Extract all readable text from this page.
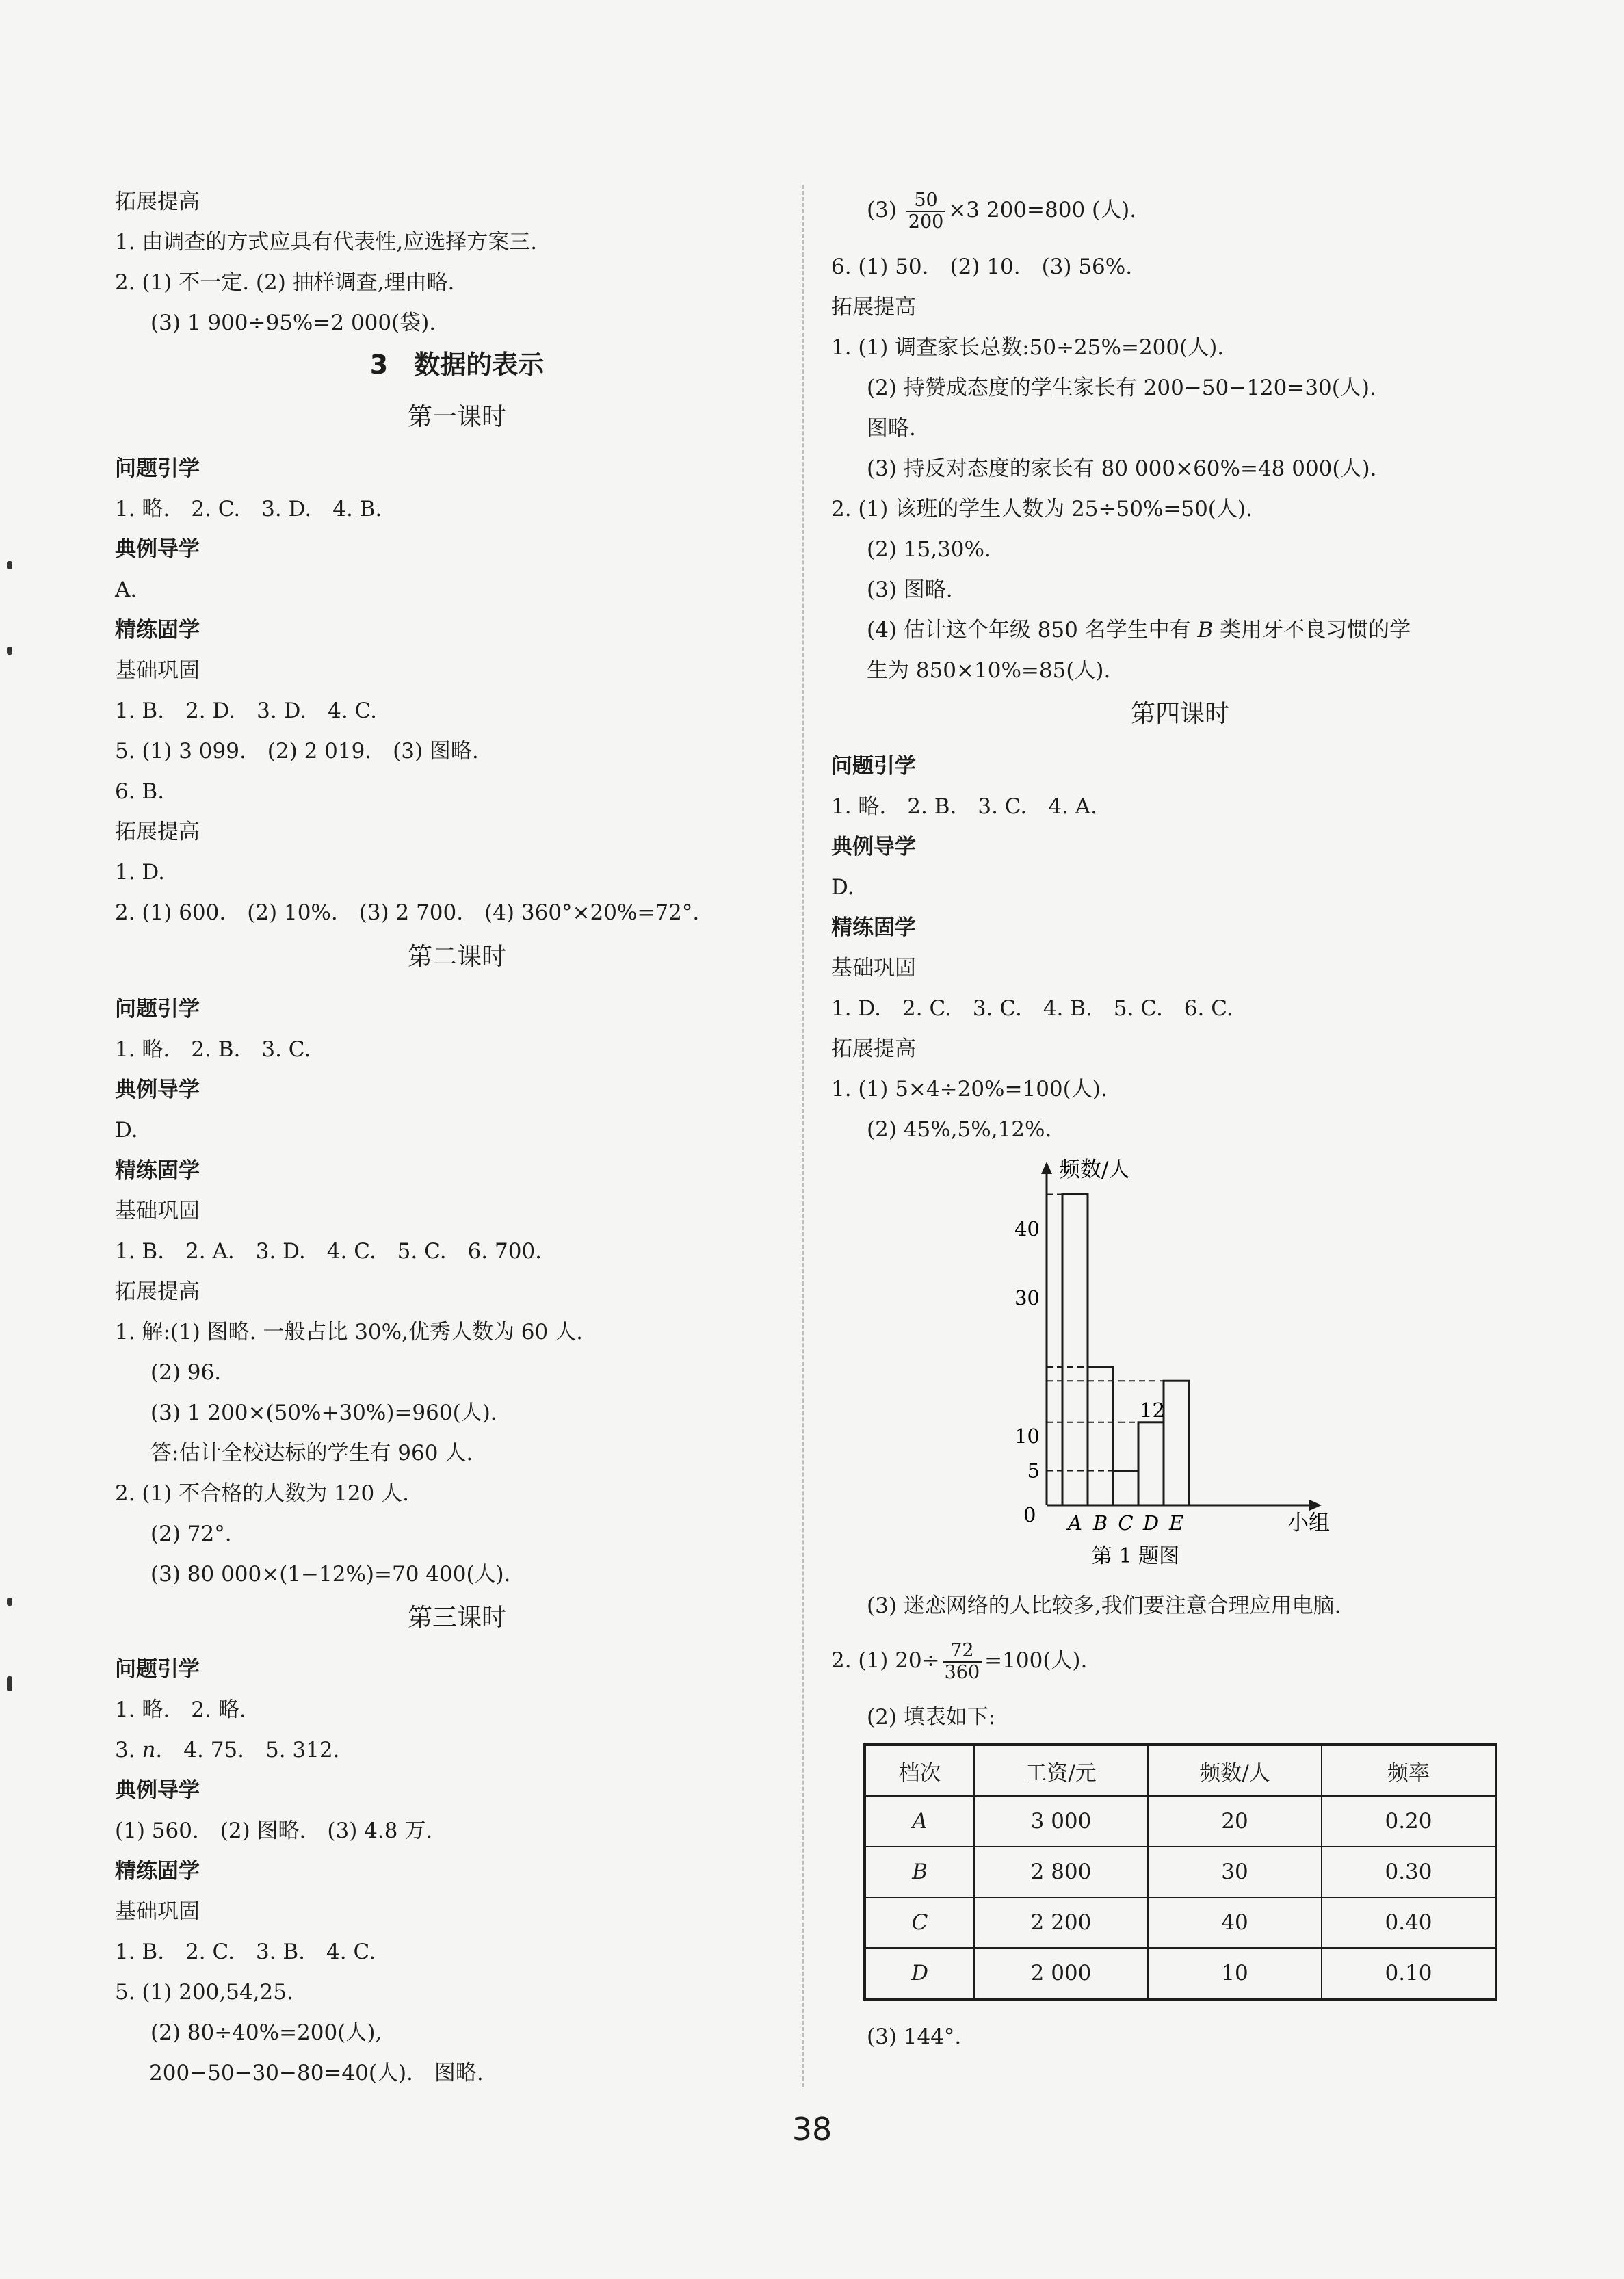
拓展提高
1. 由调查的方式应具有代表性,应选择方案三.
2. (1) 不一定. (2) 抽样调查,理由略.
(3) 1 900÷95%=2 000(袋).
3　数据的表示
第一课时
问题引学
1. 略.　2. C.　3. D.　4. B.
典例导学
A.
精练固学
基础巩固
1. B.　2. D.　3. D.　4. C.
5. (1) 3 099.　(2) 2 019.　(3) 图略.
6. B.
拓展提高
1. D.
2. (1) 600.　(2) 10%.　(3) 2 700.　(4) 360°×20%=72°.
第二课时
问题引学
1. 略.　2. B.　3. C.
典例导学
D.
精练固学
基础巩固
1. B.　2. A.　3. D.　4. C.　5. C.　6. 700.
拓展提高
1. 解:(1) 图略. 一般占比 30%,优秀人数为 60 人.
(2) 96.
(3) 1 200×(50%+30%)=960(人).
答:估计全校达标的学生有 960 人.
2. (1) 不合格的人数为 120 人.
(2) 72°.
(3) 80 000×(1−12%)=70 400(人).
第三课时
问题引学
1. 略.　2. 略.
3. n.　4. 75.　5. 312.
典例导学
(1) 560.　(2) 图略.　(3) 4.8 万.
精练固学
基础巩固
1. B.　2. C.　3. B.　4. C.
5. (1) 200,54,25.
(2) 80÷40%=200(人),
200−50−30−80=40(人).　图略.
$(3) \frac{50}{200} \times 3$ 200=800 (人).
6. (1) 50.　(2) 10.　(3) 56%.
拓展提高
1. (1) 调查家长总数:50÷25%=200(人).
(2) 持赞成态度的学生家长有 200−50−120=30(人).
图略.
(3) 持反对态度的家长有 80 000×60%=48 000(人).
2. (1) 该班的学生人数为 25÷50%=50(人).
(2) 15,30%.
(3) 图略.
(4) 估计这个年级 850 名学生中有 B 类用牙不良习惯的学
生为 850×10%=85(人).
第四课时
问题引学
1. 略.　2. B.　3. C.　4. A.
典例导学
D.
精练固学
基础巩固
1. D.　2. C.　3. C.　4. B.　5. C.　6. C.
拓展提高
1. (1) 5×4÷20%=100(人).
(2) 45%,5%,12%.
(3) 迷恋网络的人比较多,我们要注意合理应用电脑.
2. (1) $20\div \frac{72}{360} =100$(人).
(2) 填表如下:
(3) 144°.
频数/人
小组
0
5
10
30
40
A B C D E
12
第 1 题图
档次	工资/元	频数/人	频率
A	3 000	20	0.20
B	2 800	30	0.30
C	2 200	40	0.40
D	2 000	10	0.10
38
